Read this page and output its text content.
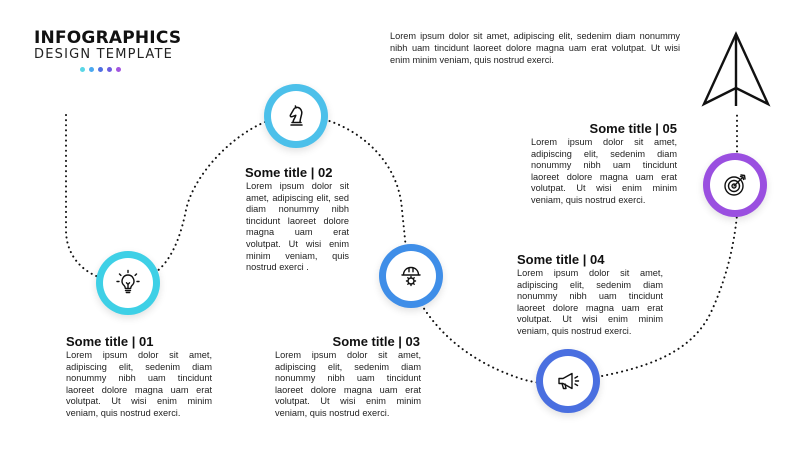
INFOGRAPHICS
DESIGN TEMPLATE
Lorem ipsum dolor sit amet, adipiscing elit, sedenim diam nonummy nibh uam tincidunt laoreet dolore magna uam erat volutpat. Ut wisi enim minim veniam, quis nostrud exerci.
Some title | 01
Lorem ipsum dolor sit amet, adipiscing elit, sedenim diam nonummy nibh uam tincidunt laoreet dolore magna uam erat volutpat. Ut wisi enim minim veniam, quis nostrud exerci.
Some title | 02
Lorem ipsum dolor sit amet, adipiscing elit, sed diam nonummy nibh tincidunt laoreet dolore magna uam erat volutpat. Ut wisi enim minim veniam, quis nostrud exerci .
Some title | 03
Lorem ipsum dolor sit amet, adipiscing elit, sedenim diam nonummy nibh uam tincidunt laoreet dolore magna uam erat volutpat. Ut wisi enim minim veniam, quis nostrud exerci.
Some title | 04
Lorem ipsum dolor sit amet, adipiscing elit, sedenim diam nonummy nibh uam tincidunt laoreet dolore magna uam erat volutpat. Ut wisi enim minim veniam, quis nostrud exerci.
Some title | 05
Lorem ipsum dolor sit amet, adipiscing elit, sedenim diam nonummy nibh uam tincidunt laoreet dolore magna uam erat volutpat. Ut wisi enim minim veniam, quis nostrud exerci.
